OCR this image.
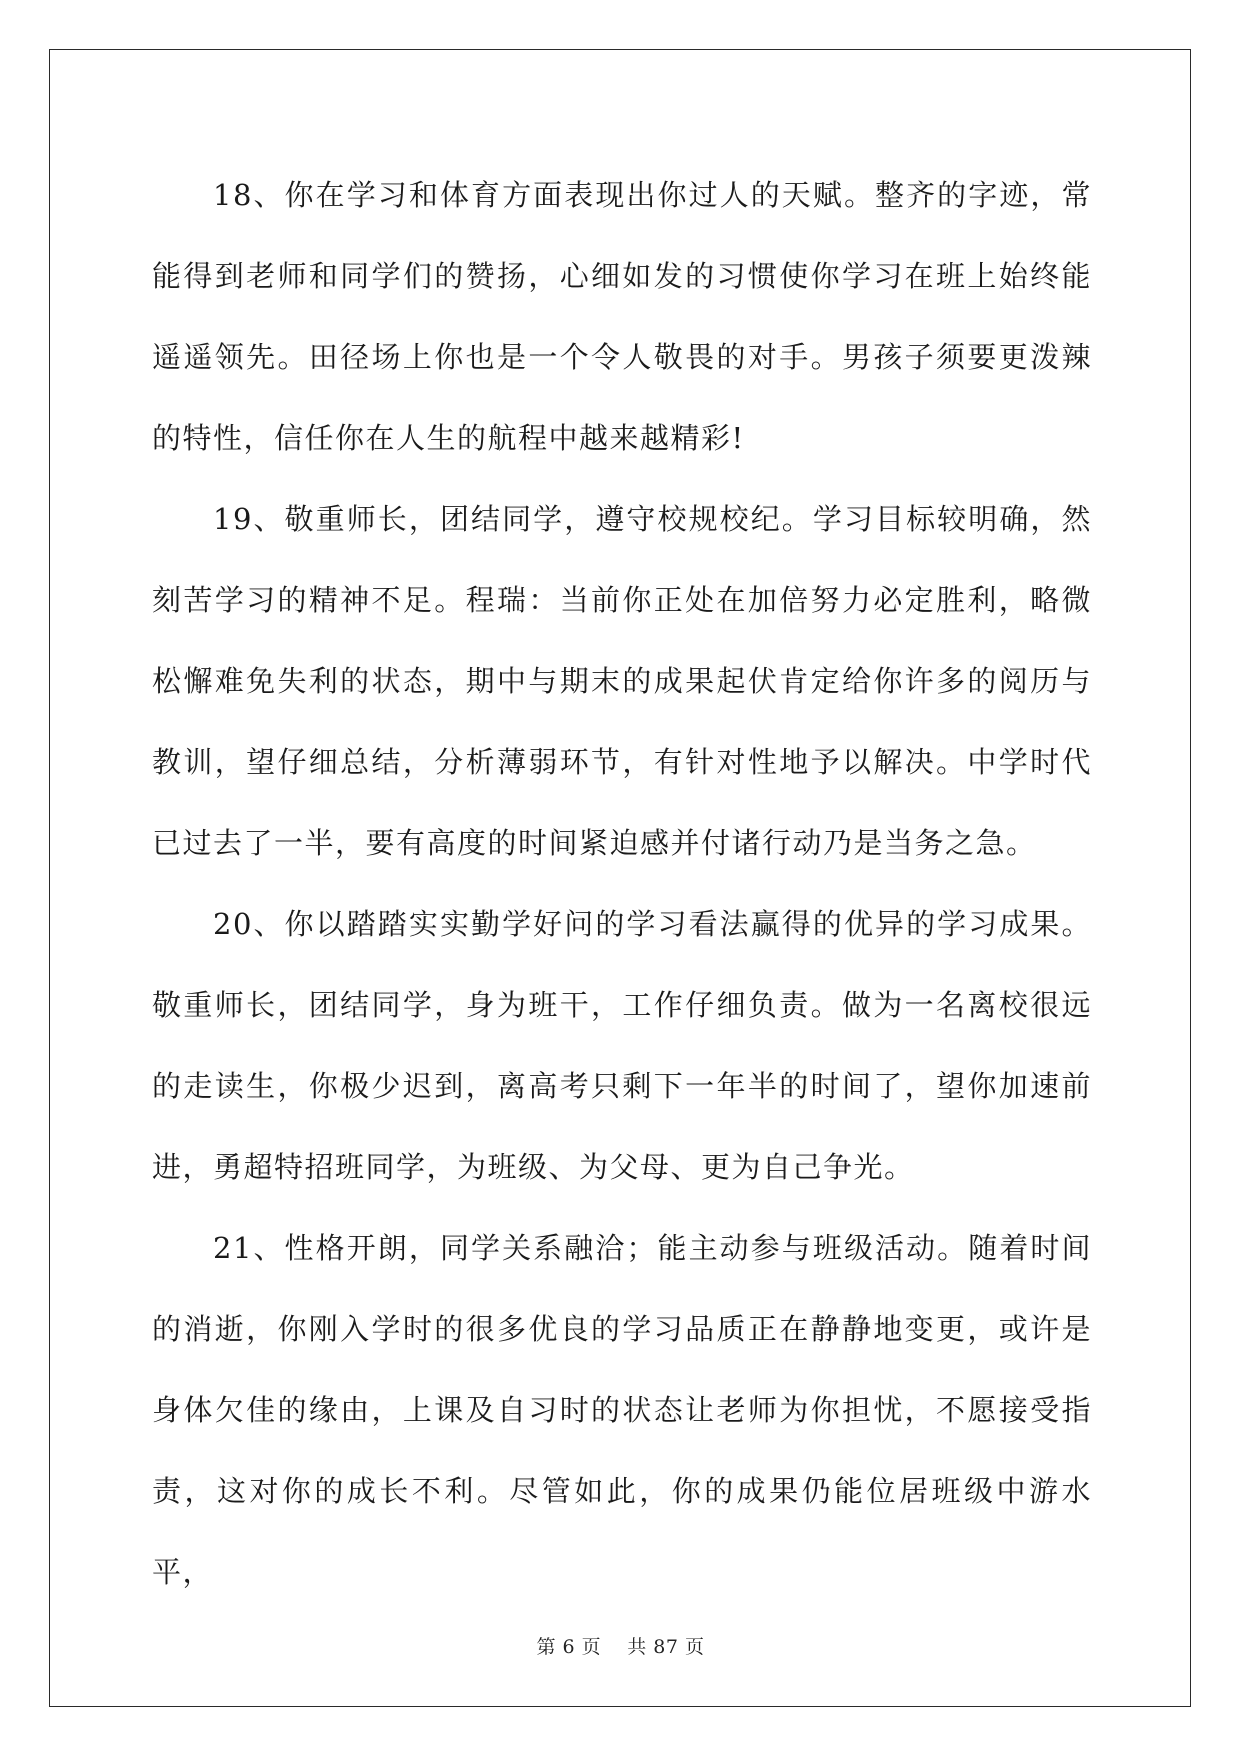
18、你在学习和体育方面表现出你过人的天赋。整齐的字迹，常能得到老师和同学们的赞扬，心细如发的习惯使你学习在班上始终能遥遥领先。田径场上你也是一个令人敬畏的对手。男孩子须要更泼辣的特性，信任你在人生的航程中越来越精彩!

19、敬重师长，团结同学，遵守校规校纪。学习目标较明确，然刻苦学习的精神不足。程瑞：当前你正处在加倍努力必定胜利，略微松懈难免失利的状态，期中与期末的成果起伏肯定给你许多的阅历与教训，望仔细总结，分析薄弱环节，有针对性地予以解决。中学时代已过去了一半，要有高度的时间紧迫感并付诸行动乃是当务之急。

20、你以踏踏实实勤学好问的学习看法赢得的优异的学习成果。敬重师长，团结同学，身为班干，工作仔细负责。做为一名离校很远的走读生，你极少迟到，离高考只剩下一年半的时间了，望你加速前进，勇超特招班同学，为班级、为父母、更为自己争光。

21、性格开朗，同学关系融洽；能主动参与班级活动。随着时间的消逝，你刚入学时的很多优良的学习品质正在静静地变更，或许是身体欠佳的缘由，上课及自习时的状态让老师为你担忧，不愿接受指责，这对你的成长不利。尽管如此，你的成果仍能位居班级中游水平，

第 6 页　 共 87 页
